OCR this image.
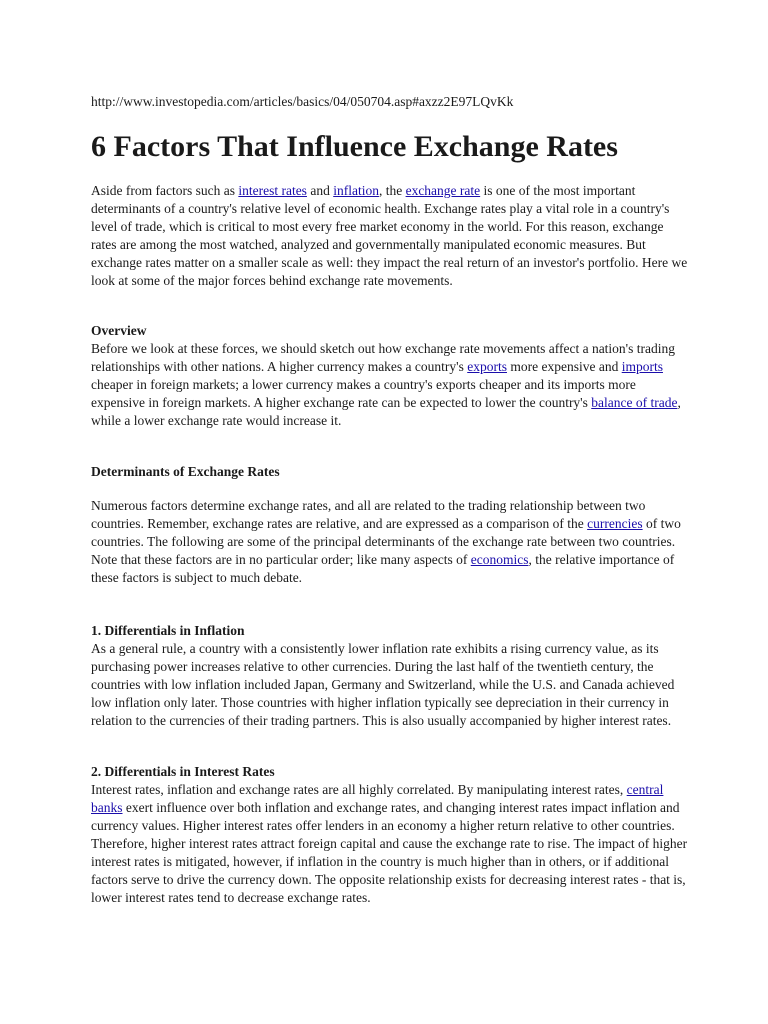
http://www.investopedia.com/articles/basics/04/050704.asp#axzz2E97LQvKk
6 Factors That Influence Exchange Rates

Aside from factors such as interest rates and inflation, the exchange rate is one of the most important determinants of a country's relative level of economic health. Exchange rates play a vital role in a country's level of trade, which is critical to most every free market economy in the world. For this reason, exchange rates are among the most watched, analyzed and governmentally manipulated economic measures. But exchange rates matter on a smaller scale as well: they impact the real return of an investor's portfolio. Here we look at some of the major forces behind exchange rate movements.

Overview

Before we look at these forces, we should sketch out how exchange rate movements affect a nation's trading relationships with other nations. A higher currency makes a country's exports more expensive and imports cheaper in foreign markets; a lower currency makes a country's exports cheaper and its imports more expensive in foreign markets. A higher exchange rate can be expected to lower the country's balance of trade, while a lower exchange rate would increase it.

Determinants of Exchange Rates

Numerous factors determine exchange rates, and all are related to the trading relationship between two countries. Remember, exchange rates are relative, and are expressed as a comparison of the currencies of two countries. The following are some of the principal determinants of the exchange rate between two countries. Note that these factors are in no particular order; like many aspects of economics, the relative importance of these factors is subject to much debate.

1. Differentials in Inflation

As a general rule, a country with a consistently lower inflation rate exhibits a rising currency value, as its purchasing power increases relative to other currencies. During the last half of the twentieth century, the countries with low inflation included Japan, Germany and Switzerland, while the U.S. and Canada achieved low inflation only later. Those countries with higher inflation typically see depreciation in their currency in relation to the currencies of their trading partners. This is also usually accompanied by higher interest rates.

2. Differentials in Interest Rates

Interest rates, inflation and exchange rates are all highly correlated. By manipulating interest rates, central banks exert influence over both inflation and exchange rates, and changing interest rates impact inflation and currency values. Higher interest rates offer lenders in an economy a higher return relative to other countries. Therefore, higher interest rates attract foreign capital and cause the exchange rate to rise. The impact of higher interest rates is mitigated, however, if inflation in the country is much higher than in others, or if additional factors serve to drive the currency down. The opposite relationship exists for decreasing interest rates - that is, lower interest rates tend to decrease exchange rates.
